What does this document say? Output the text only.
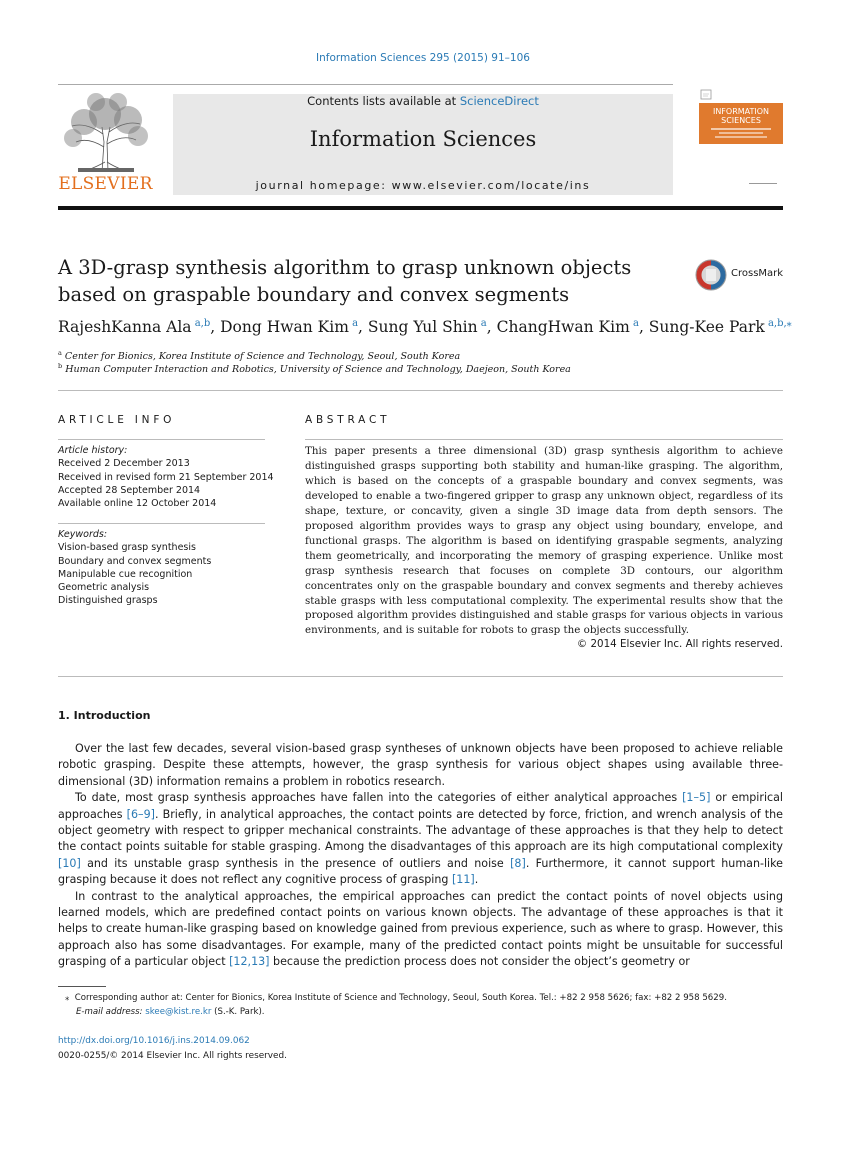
Information Sciences 295 (2015) 91–106
ELSEVIER
Contents lists available at ScienceDirect
Information Sciences
journal homepage: www.elsevier.com/locate/ins
INFORMATION SCIENCES
A 3D-grasp synthesis algorithm to grasp unknown objects based on graspable boundary and convex segments
CrossMark
RajeshKanna Ala $^{a,b}$, Dong Hwan Kim $^a$, Sung Yul Shin $^a$, ChangHwan Kim $^a$, Sung-Kee Park $^{a,b,⁎}$
$^a$ Center for Bionics, Korea Institute of Science and Technology, Seoul, South Korea
$^b$ Human Computer Interaction and Robotics, University of Science and Technology, Daejeon, South Korea
ARTICLE INFO
Article history:
Received 2 December 2013
Received in revised form 21 September 2014
Accepted 28 September 2014
Available online 12 October 2014
Keywords:
Vision-based grasp synthesis
Boundary and convex segments
Manipulable cue recognition
Geometric analysis
Distinguished grasps
ABSTRACT
This paper presents a three dimensional (3D) grasp synthesis algorithm to achieve distinguished grasps supporting both stability and human-like grasping. The algorithm, which is based on the concepts of a graspable boundary and convex segments, was developed to enable a two-fingered gripper to grasp any unknown object, regardless of its shape, texture, or concavity, given a single 3D image data from depth sensors. The proposed algorithm provides ways to grasp any object using boundary, envelope, and functional grasps. The algorithm is based on identifying graspable segments, analyzing them geometrically, and incorporating the memory of grasping experience. Unlike most grasp synthesis research that focuses on complete 3D contours, our algorithm concentrates only on the graspable boundary and convex segments and thereby achieves stable grasps with less computational complexity. The experimental results show that the proposed algorithm provides distinguished and stable grasps for various objects in various environments, and is suitable for robots to grasp the objects successfully.
© 2014 Elsevier Inc. All rights reserved.
1. Introduction

Over the last few decades, several vision-based grasp syntheses of unknown objects have been proposed to achieve reliable robotic grasping. Despite these attempts, however, the grasp synthesis for various object shapes using available three-dimensional (3D) information remains a problem in robotics research.

To date, most grasp synthesis approaches have fallen into the categories of either analytical approaches [1–5] or empirical approaches [6–9]. Briefly, in analytical approaches, the contact points are detected by force, friction, and wrench analysis of the object geometry with respect to gripper mechanical constraints. The advantage of these approaches is that they help to detect the contact points suitable for stable grasping. Among the disadvantages of this approach are its high computational complexity [10] and its unstable grasp synthesis in the presence of outliers and noise [8]. Furthermore, it cannot support human-like grasping because it does not reflect any cognitive process of grasping [11].

In contrast to the analytical approaches, the empirical approaches can predict the contact points of novel objects using learned models, which are predefined contact points on various known objects. The advantage of these approaches is that it helps to create human-like grasping based on knowledge gained from previous experience, such as where to grasp. However, this approach also has some disadvantages. For example, many of the predicted contact points might be unsuitable for successful grasping of a particular object [12,13] because the prediction process does not consider the object’s geometry or

⁎ Corresponding author at: Center for Bionics, Korea Institute of Science and Technology, Seoul, South Korea. Tel.: +82 2 958 5626; fax: +82 2 958 5629.
E-mail address: skee@kist.re.kr (S.-K. Park).
http://dx.doi.org/10.1016/j.ins.2014.09.062
0020-0255/© 2014 Elsevier Inc. All rights reserved.
